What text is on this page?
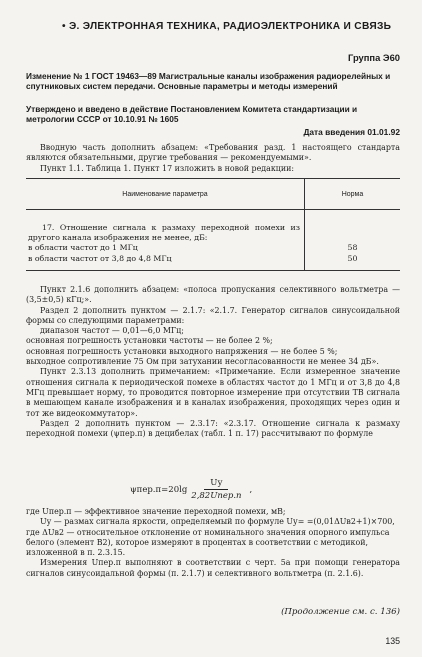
• Э. ЭЛЕКТРОННАЯ ТЕХНИКА, РАДИОЭЛЕКТРОНИКА И СВЯЗЬ
Группа Э60
Изменение № 1 ГОСТ 19463—89 Магистральные каналы изображения радиорелейных и спутниковых систем передачи. Основные параметры и методы измерений
Утверждено и введено в действие Постановлением Комитета стандартизации и метрологии СССР от 10.10.91 № 1605
Дата введения 01.01.92

Вводную часть дополнить абзацем: «Требования разд. 1 настоящего стандарта являются обязательными, другие требования — рекомендуемыми».

Пункт 1.1. Таблица 1. Пункт 17 изложить в новой редакции:

Наименование параметра	Норма
17. Отношение сигнала к размаху переходной помехи из другого канала изображения не менее, дБ:
в области частот до 1 МГц
в области частот от 3,8 до 4,8 МГц

58
50

Пункт 2.1.6 дополнить абзацем: «полоса пропускания селективного вольтметра — (3,5±0,5) кГц;».

Раздел 2 дополнить пунктом — 2.1.7: «2.1.7. Генератор сигналов синусоидальной формы со следующими параметрами:

диапазон частот — 0,01—6,0 МГц;
основная погрешность установки частоты — не более 2 %;
основная погрешность установки выходного напряжения — не более 5 %;
выходное сопротивление 75 Ом при затухании несогласованности не менее 34 дБ».

Пункт 2.3.13 дополнить примечанием: «Примечание. Если измеренное значение отношения сигнала к периодической помехе в областях частот до 1 МГц и от 3,8 до 4,8 МГц превышает норму, то проводится повторное измерение при отсутствии ТВ сигнала в мешающем канале изображения и в каналах изображения, проходящих через один и тот же видеокоммутатор».

Раздел 2 дополнить пунктом — 2.3.17: «2.3.17. Отношение сигнала к размаху переходной помехи (ψпер.п) в децибелах (табл. 1 п. 17) рассчитывают по формуле

$\psi пер.п=20\lg \frac{Uу}{\text{2,82Uпер.п}}$ ,
где Uпер.п — эффективное значение переходной помехи, мВ;
Uу — размах сигнала яркости, определяемый по формуле Uу= =(0,01ΔUв2+1)×700,
где ΔUв2 — относительное отклонение от номинального значения опорного импульса белого (элемент В2), которое измеряют в процентах в соответствии с методикой, изложенной в п. 2.3.15.

Измерения Uпер.п выполняют в соответствии с черт. 5а при помощи генератора сигналов синусоидальной формы (п. 2.1.7) и селективного вольтметра (п. 2.1.6).

(Продолжение см. с. 136)
135
